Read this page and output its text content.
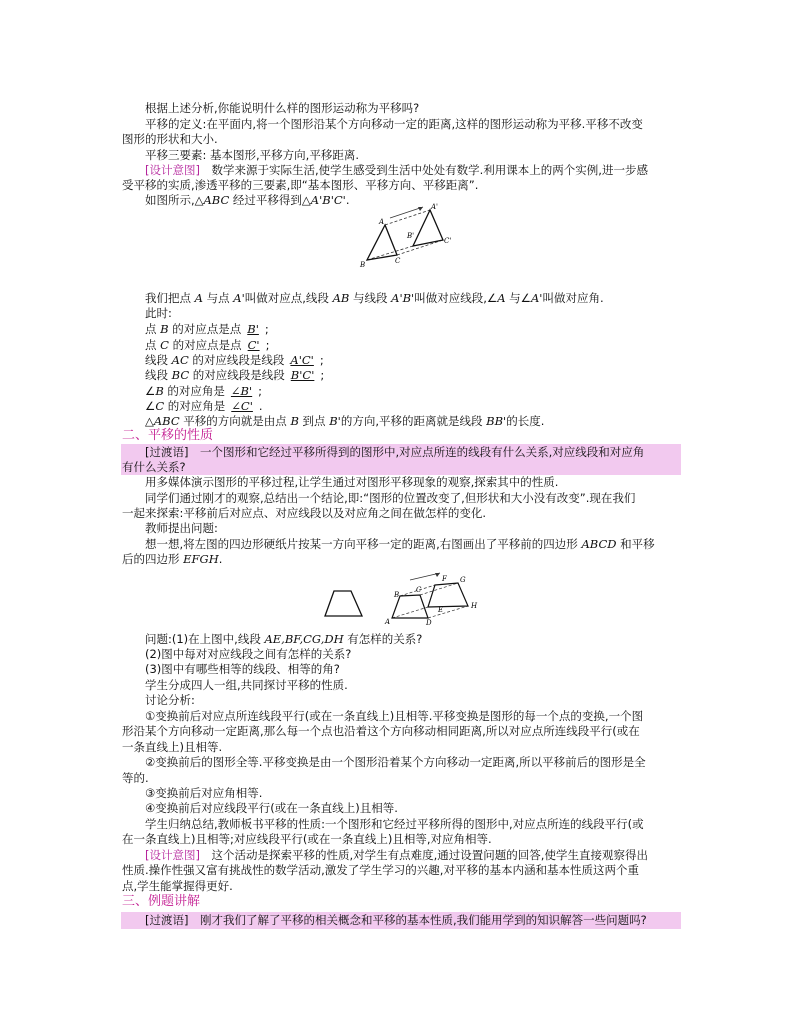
根据上述分析,你能说明什么样的图形运动称为平移吗?
平移的定义:在平面内,将一个图形沿某个方向移动一定的距离,这样的图形运动称为平移.平移不改变
图形的形状和大小.
平移三要素: 基本图形,平移方向,平移距离.
[设计意图]　 数学来源于实际生活,使学生感受到生活中处处有数学.利用课本上的两个实例,进一步感
受平移的实质,渗透平移的三要素,即“基本图形、平移方向、平移距离”.
如图所示,△ABC 经过平移得到△A'B'C'.
A
A'
B'
C'
B	C
我们把点 A 与点 A'叫做对应点,线段 AB 与线段 A'B'叫做对应线段,∠A 与∠A'叫做对应角.
此时:
点 B 的对应点是点 B' ;
点 C 的对应点是点 C' ;
线段 AC 的对应线段是线段 A'C' ;
线段 BC 的对应线段是线段 B'C' ;
∠B 的对应角是 ∠B' ;
∠C 的对应角是 ∠C' .
△ABC 平移的方向就是由点 B 到点 B'的方向,平移的距离就是线段 BB'的长度.
二、平移的性质
[过渡语]　一个图形和它经过平移所得到的图形中,对应点所连的线段有什么关系,对应线段和对应角
有什么关系?
用多媒体演示图形的平移过程,让学生通过对图形平移现象的观察,探索其中的性质.
同学们通过刚才的观察,总结出一个结论,即:“图形的位置改变了,但形状和大小没有改变”.现在我们
一起来探索:平移前后对应点、对应线段以及对应角之间在做怎样的变化.
教师提出问题:
想一想,将左图的四边形硬纸片按某一方向平移一定的距离,右图画出了平移前的四边形 ABCD 和平移
后的四边形 EFGH.
B
C
A	D
F G
E	H
问题:(1)在上图中,线段 AE,BF,CG,DH 有怎样的关系?
(2)图中每对对应线段之间有怎样的关系?
(3)图中有哪些相等的线段、相等的角?
学生分成四人一组,共同探讨平移的性质.
讨论分析:
①变换前后对应点所连线段平行(或在一条直线上)且相等.平移变换是图形的每一个点的变换,一个图
形沿某个方向移动一定距离,那么每一个点也沿着这个方向移动相同距离,所以对应点所连线段平行(或在
一条直线上)且相等.
②变换前后的图形全等.平移变换是由一个图形沿着某个方向移动一定距离,所以平移前后的图形是全
等的.
③变换前后对应角相等.
④变换前后对应线段平行(或在一条直线上)且相等.
学生归纳总结,教师板书平移的性质:一个图形和它经过平移所得的图形中,对应点所连的线段平行(或
在一条直线上)且相等;对应线段平行(或在一条直线上)且相等,对应角相等.
[设计意图]　 这个活动是探索平移的性质,对学生有点难度,通过设置问题的回答,使学生直接观察得出
性质.操作性强又富有挑战性的数学活动,激发了学生学习的兴趣,对平移的基本内涵和基本性质这两个重
点,学生能掌握得更好.
三、例题讲解
[过渡语]　刚才我们了解了平移的相关概念和平移的基本性质,我们能用学到的知识解答一些问题吗?
